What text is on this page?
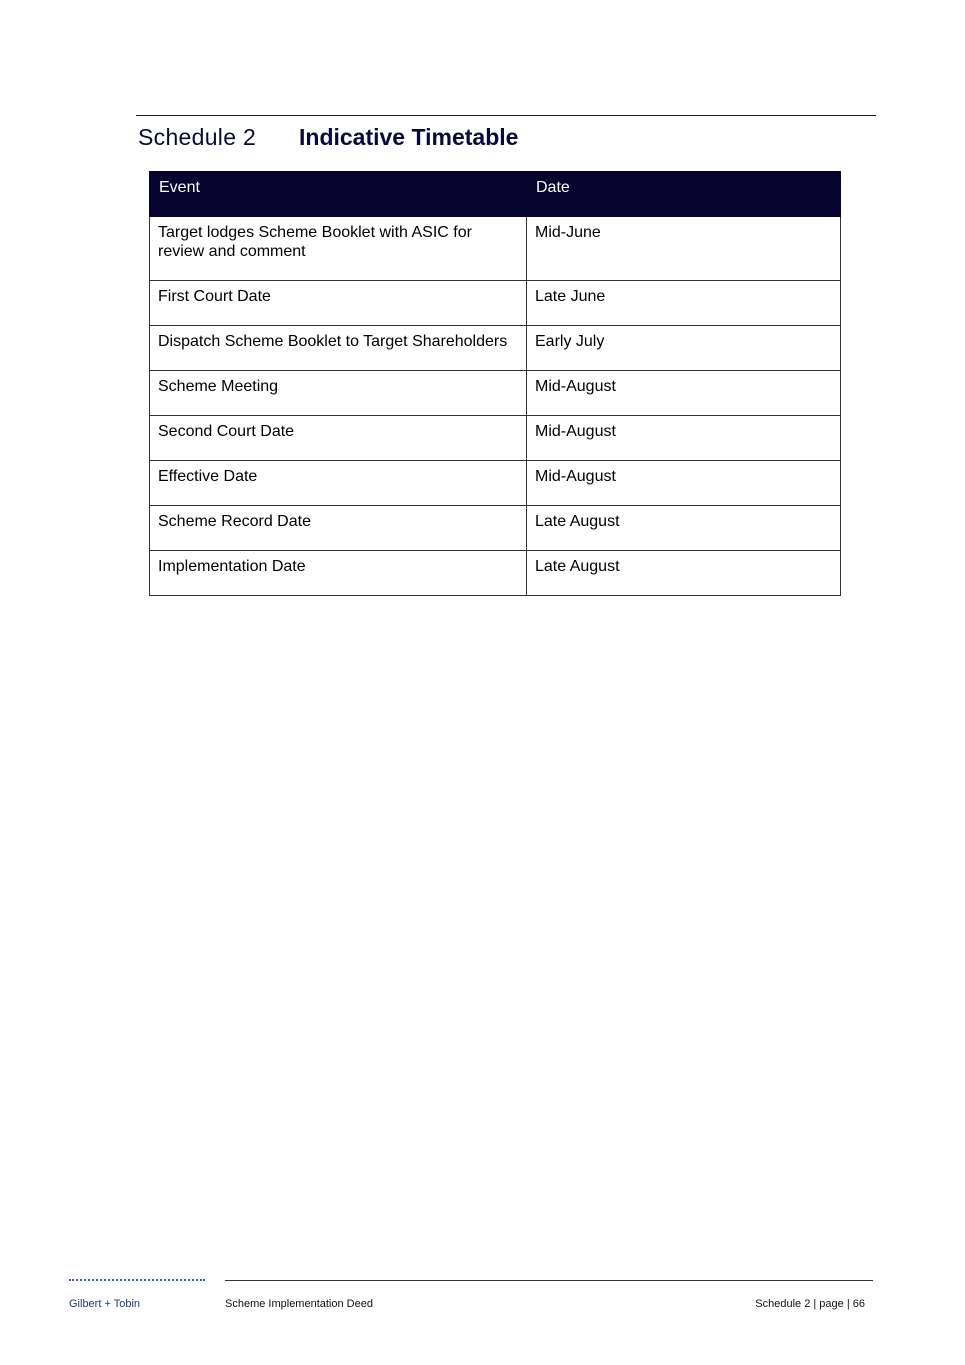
Schedule 2 Indicative Timetable
Event	Date
Target lodges Scheme Booklet with ASIC for review and comment	Mid-June
First Court Date	Late June
Dispatch Scheme Booklet to Target Shareholders	Early July
Scheme Meeting	Mid-August
Second Court Date	Mid-August
Effective Date	Mid-August
Scheme Record Date	Late August
Implementation Date	Late August
Gilbert + Tobin	Scheme Implementation Deed	Schedule 2 | page | 66
